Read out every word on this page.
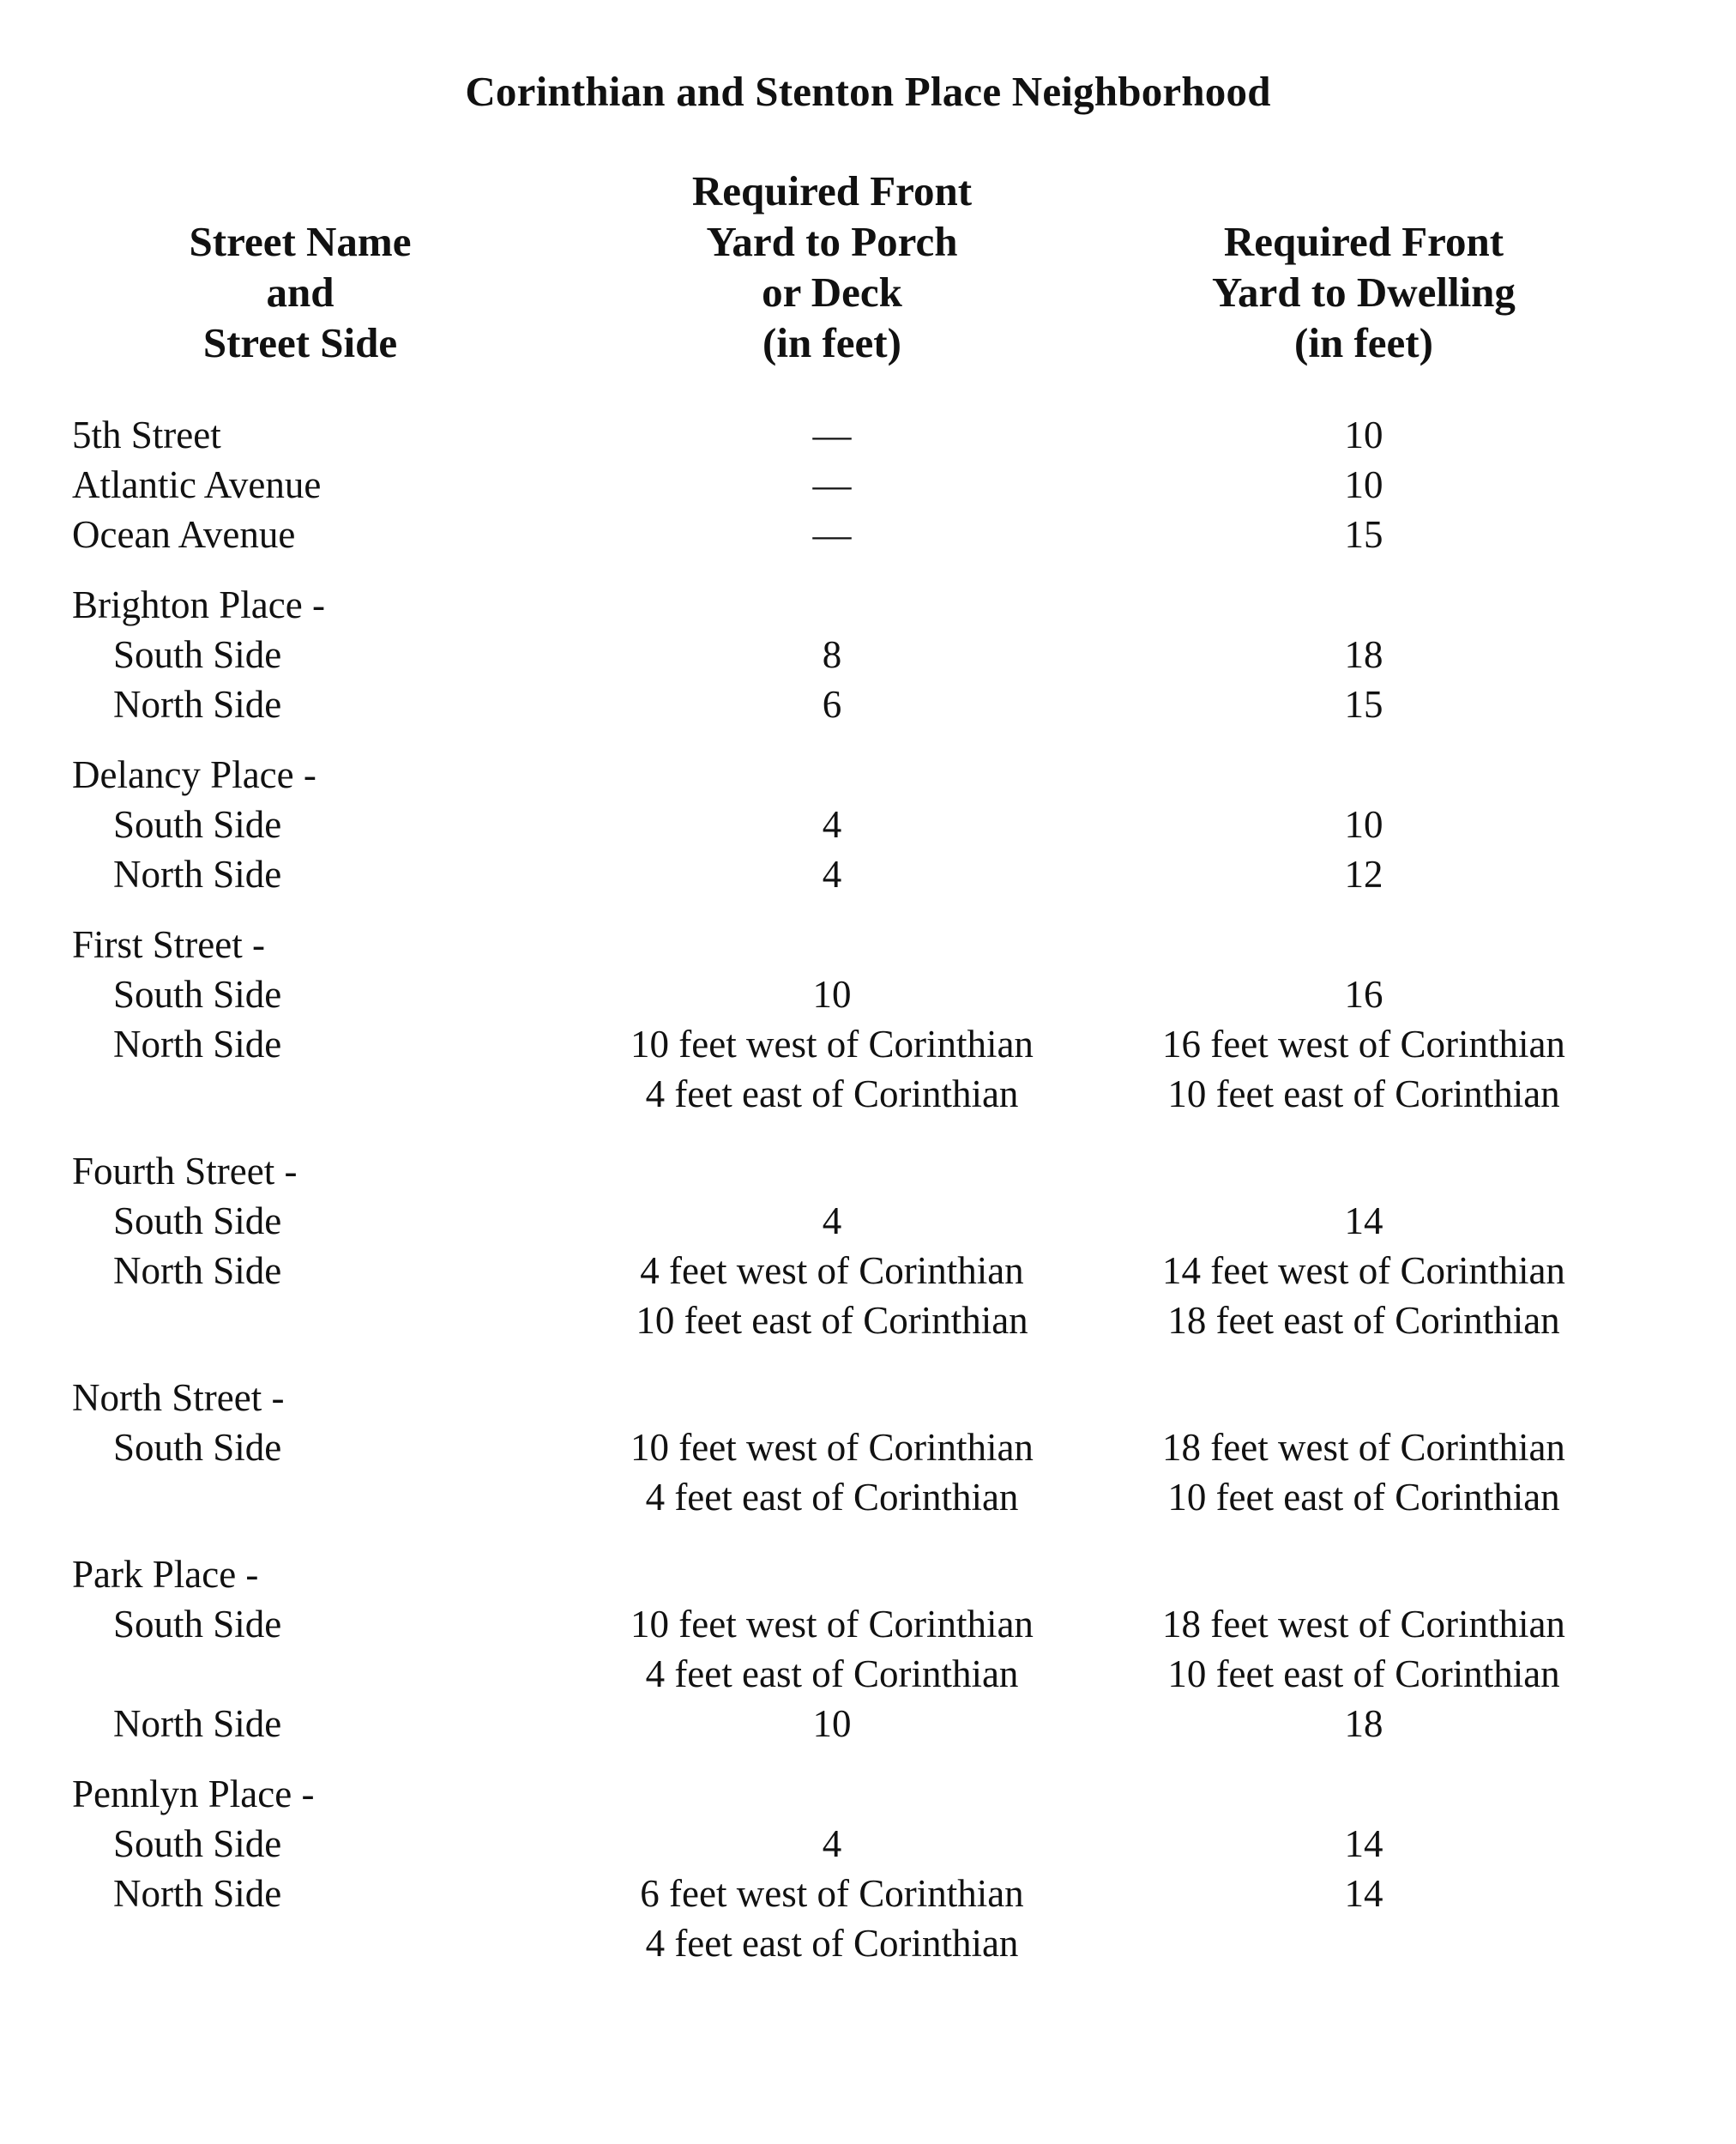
Corinthian and Stenton Place Neighborhood
Street Name
and
Street Side
Required Front
Yard to Porch
or Deck
(in feet)
Required Front
Yard to Dwelling
(in feet)
5th Street	—	10
Atlantic Avenue	—	10
Ocean Avenue	—	15
Brighton Place -
South Side	8	18
North Side	6	15
Delancy Place -
South Side	4	10
North Side	4	12
First Street -
South Side	10	16
North Side	10 feet west of Corinthian	16 feet west of Corinthian
4 feet east of Corinthian	10 feet east of Corinthian
Fourth Street -
South Side	4	14
North Side	4 feet west of Corinthian	14 feet west of Corinthian
10 feet east of Corinthian	18 feet east of Corinthian
North Street -
South Side	10 feet west of Corinthian	18 feet west of Corinthian
4 feet east of Corinthian	10 feet east of Corinthian
Park Place -
South Side	10 feet west of Corinthian	18 feet west of Corinthian
4 feet east of Corinthian	10 feet east of Corinthian
North Side	10	18
Pennlyn Place -
South Side	4	14
North Side	6 feet west of Corinthian	14
4 feet east of Corinthian
